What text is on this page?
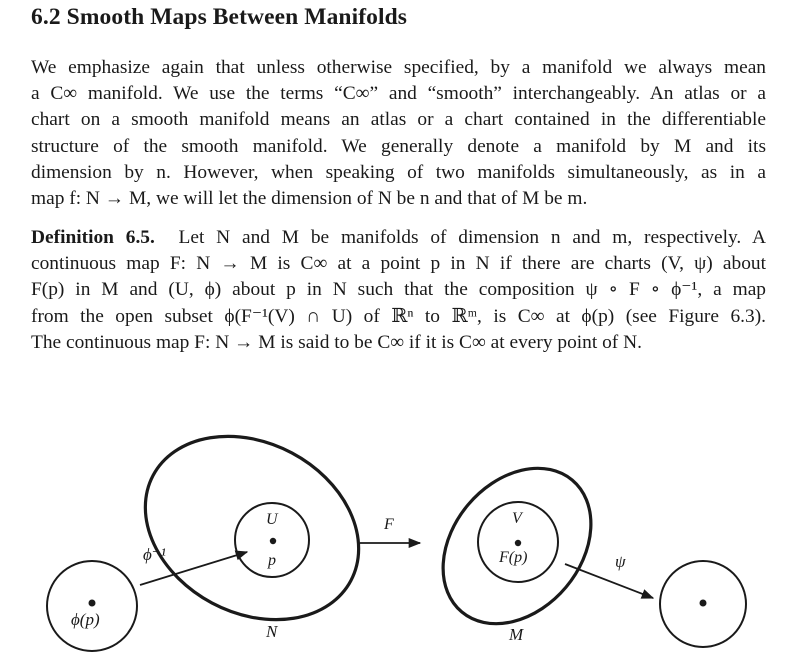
6.2 Smooth Maps Between Manifolds

We emphasize again that unless otherwise specified, by a manifold we always mean
a C∞ manifold. We use the terms “C∞” and “smooth” interchangeably. An atlas or a
chart on a smooth manifold means an atlas or a chart contained in the differentiable
structure of the smooth manifold. We generally denote a manifold by M and its
dimension by n. However, when speaking of two manifolds simultaneously, as in a
map f: N → M, we will let the dimension of N be n and that of M be m.

Definition 6.5. Let N and M be manifolds of dimension n and m, respectively. A
continuous map F: N → M is C∞ at a point p in N if there are charts (V, ψ) about
F(p) in M and (U, ϕ) about p in N such that the composition ψ ∘ F ∘ ϕ⁻¹, a map
from the open subset ϕ(F⁻¹(V) ∩ U) of ℝⁿ to ℝᵐ, is C∞ at ϕ(p) (see Figure 6.3).
The continuous map F: N → M is said to be C∞ if it is C∞ at every point of N.

ϕ(p)
ϕ⁻¹
U
p
N
F	V
F(p)
M
ψ
